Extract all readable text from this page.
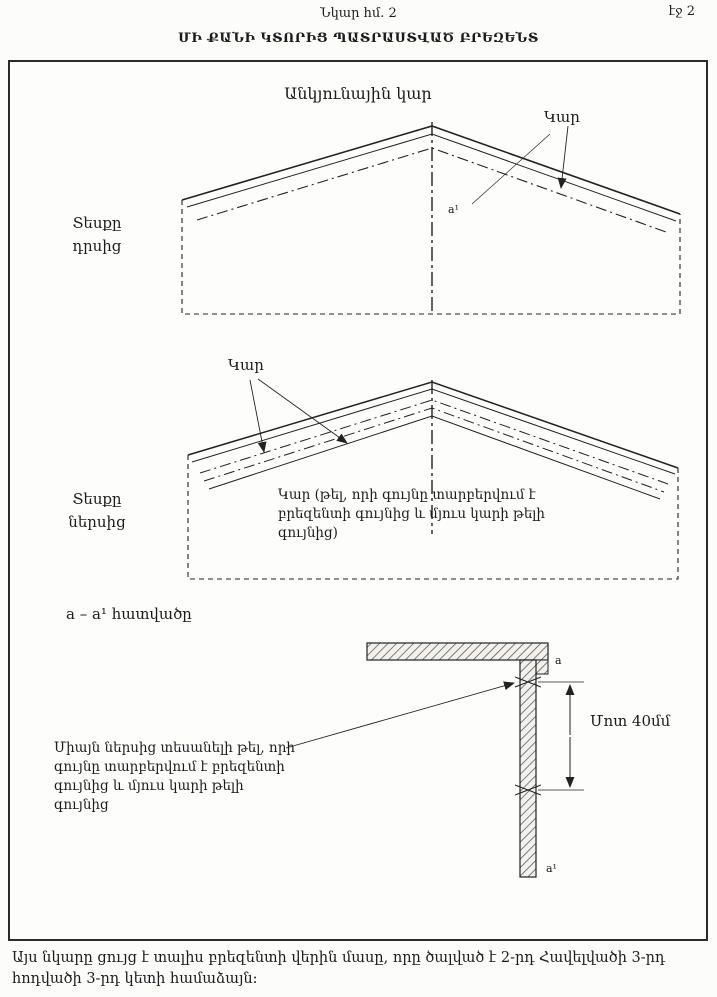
Նկար հմ. 2	էջ 2
ՄԻ ՔԱՆԻ ԿՏՈՐԻՑ ՊԱՏՐԱՍՏՎԱԾ ԲՐԵԶԵՆՏ
Անկյունային կար
Կար
Տեսքը
դրսից
a¹
Կար
Տեսքը
ներսից
Կար (թել, որի գույնը տարբերվում է բրեզենտի գույնից և մյուս կարի թելի գույնից)
a – a¹ հատվածը
Միայն ներսից տեսանելի թել, որի գույնը տարբերվում է բրեզենտի գույնից և մյուս կարի թելի գույնից
a
a¹
Մոտ 40մմ
Այս նկարը ցույց է տալիս բրեզենտի վերին մասը, որը ծալված է 2-րդ Հավելվածի 3-րդ հոդվածի 3-րդ կետի համաձայն:
